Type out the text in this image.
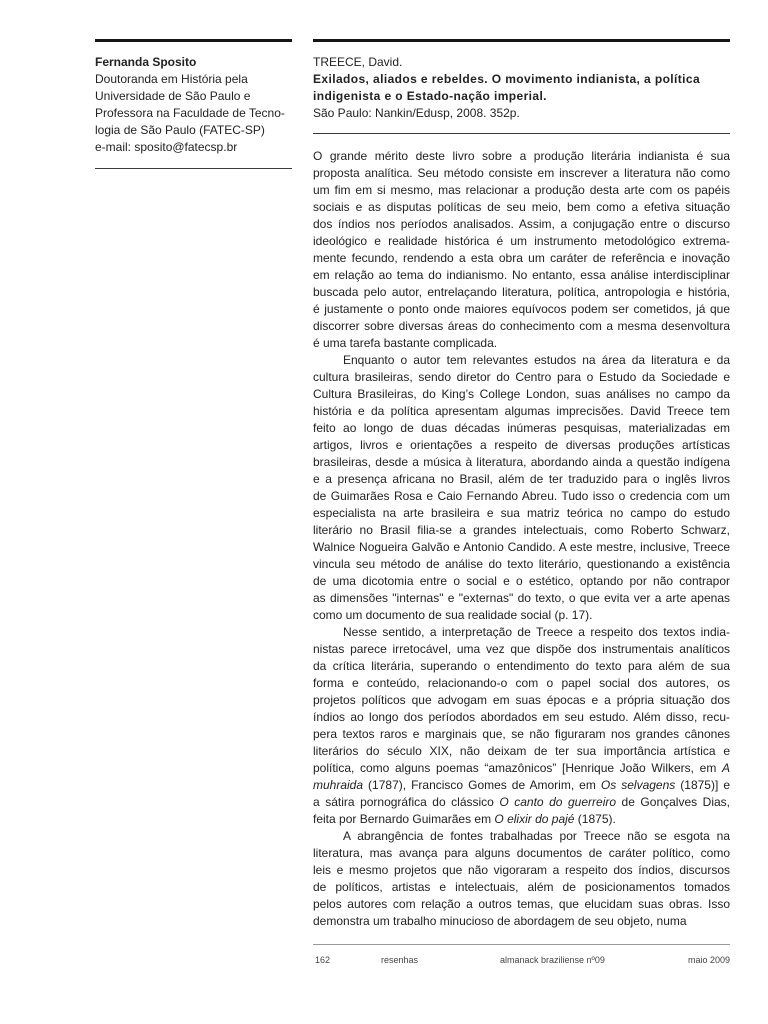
Fernanda Sposito
Doutoranda em História pela
Universidade de São Paulo e
Professora na Faculdade de Tecno-
logia de São Paulo (FATEC-SP)
e-mail: sposito@fatecsp.br
TREECE, David.
Exilados, aliados e rebeldes. O movimento indianista, a política
indigenista e o Estado-nação imperial.
São Paulo: Nankin/Edusp, 2008. 352p.
O grande mérito deste livro sobre a produção literária indianista é sua
proposta analítica. Seu método consiste em inscrever a literatura não como
um fim em si mesmo, mas relacionar a produção desta arte com os papéis
sociais e as disputas políticas de seu meio, bem como a efetiva situação
dos índios nos períodos analisados. Assim, a conjugação entre o discurso
ideológico e realidade histórica é um instrumento metodológico extrema-
mente fecundo, rendendo a esta obra um caráter de referência e inovação
em relação ao tema do indianismo. No entanto, essa análise interdisciplinar
buscada pelo autor, entrelaçando literatura, política, antropologia e história,
é justamente o ponto onde maiores equívocos podem ser cometidos, já que
discorrer sobre diversas áreas do conhecimento com a mesma desenvoltura
é uma tarefa bastante complicada.
Enquanto o autor tem relevantes estudos na área da literatura e da
cultura brasileiras, sendo diretor do Centro para o Estudo da Sociedade e
Cultura Brasileiras, do King’s College London, suas análises no campo da
história e da política apresentam algumas imprecisões. David Treece tem
feito ao longo de duas décadas inúmeras pesquisas, materializadas em
artigos, livros e orientações a respeito de diversas produções artísticas
brasileiras, desde a música à literatura, abordando ainda a questão indígena
e a presença africana no Brasil, além de ter traduzido para o inglês livros
de Guimarães Rosa e Caio Fernando Abreu. Tudo isso o credencia com um
especialista na arte brasileira e sua matriz teórica no campo do estudo
literário no Brasil filia-se a grandes intelectuais, como Roberto Schwarz,
Walnice Nogueira Galvão e Antonio Candido. A este mestre, inclusive, Treece
vincula seu método de análise do texto literário, questionando a existência
de uma dicotomia entre o social e o estético, optando por não contrapor
as dimensões "internas" e "externas" do texto, o que evita ver a arte apenas
como um documento de sua realidade social (p. 17).
Nesse sentido, a interpretação de Treece a respeito dos textos india-
nistas parece irretocável, uma vez que dispõe dos instrumentais analíticos
da crítica literária, superando o entendimento do texto para além de sua
forma e conteúdo, relacionando-o com o papel social dos autores, os
projetos políticos que advogam em suas épocas e a própria situação dos
índios ao longo dos períodos abordados em seu estudo. Além disso, recu-
pera textos raros e marginais que, se não figuraram nos grandes cânones
literários do século XIX, não deixam de ter sua importância artística e
política, como alguns poemas “amazônicos” [Henrique João Wilkers, em A
muhraida (1787), Francisco Gomes de Amorim, em Os selvagens (1875)] e
a sátira pornográfica do clássico O canto do guerreiro de Gonçalves Dias,
feita por Bernardo Guimarães em O elixir do pajé (1875).
A abrangência de fontes trabalhadas por Treece não se esgota na
literatura, mas avança para alguns documentos de caráter político, como
leis e mesmo projetos que não vigoraram a respeito dos índios, discursos
de políticos, artistas e intelectuais, além de posicionamentos tomados
pelos autores com relação a outros temas, que elucidam suas obras. Isso
demonstra um trabalho minucioso de abordagem de seu objeto, numa
162	resenhas	almanack braziliense nº09	maio 2009
